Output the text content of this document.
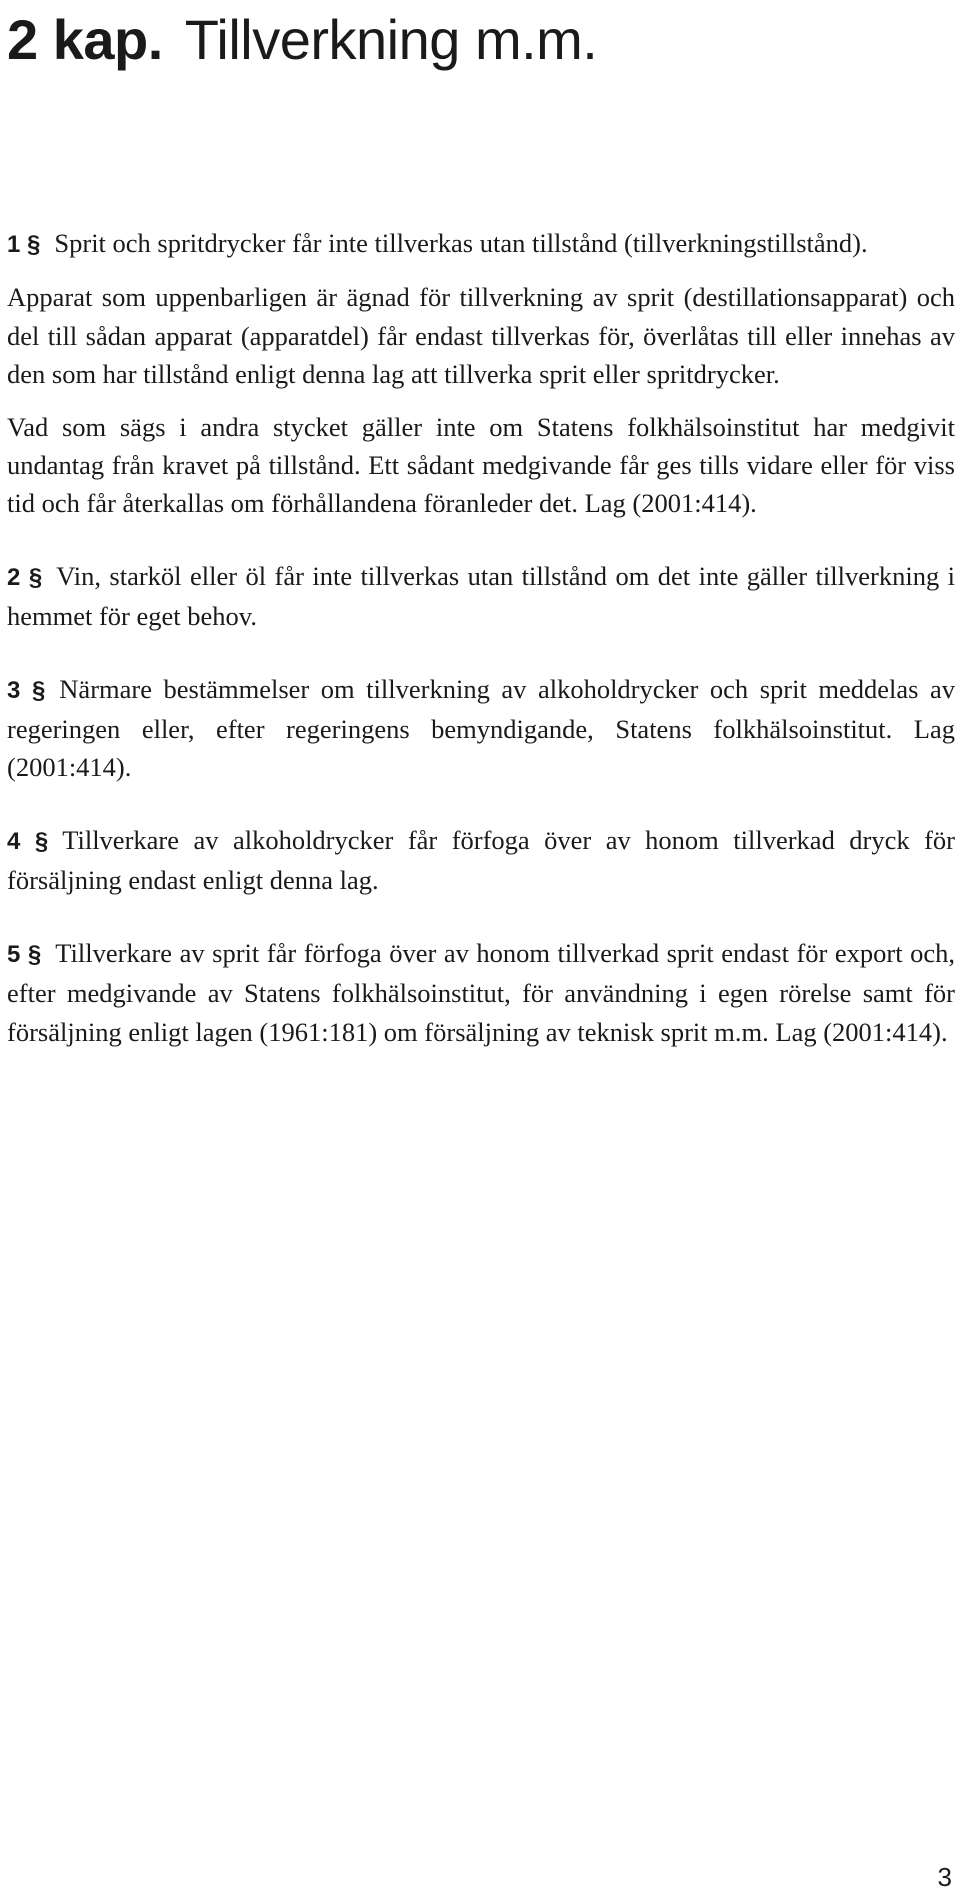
2 kap. Tillverkning m.m.

1 § Sprit och spritdrycker får inte tillverkas utan tillstånd (tillverkningstillstånd).

Apparat som uppenbarligen är ägnad för tillverkning av sprit (destillationsapparat) och del till sådan apparat (apparatdel) får endast tillverkas för, överlåtas till eller innehas av den som har tillstånd enligt denna lag att tillverka sprit eller spritdrycker.

Vad som sägs i andra stycket gäller inte om Statens folkhälsoinstitut har medgivit undantag från kravet på tillstånd. Ett sådant medgivande får ges tills vidare eller för viss tid och får återkallas om förhållandena föranleder det. Lag (2001:414).

2 § Vin, starköl eller öl får inte tillverkas utan tillstånd om det inte gäller tillverkning i hemmet för eget behov.

3 § Närmare bestämmelser om tillverkning av alkoholdrycker och sprit meddelas av regeringen eller, efter regeringens bemyndigande, Statens folkhälsoinstitut. Lag (2001:414).

4 § Tillverkare av alkoholdrycker får förfoga över av honom tillverkad dryck för försäljning endast enligt denna lag.

5 § Tillverkare av sprit får förfoga över av honom tillverkad sprit endast för export och, efter medgivande av Statens folkhälsoinstitut, för användning i egen rörelse samt för försäljning enligt lagen (1961:181) om försäljning av teknisk sprit m.m. Lag (2001:414).

3
